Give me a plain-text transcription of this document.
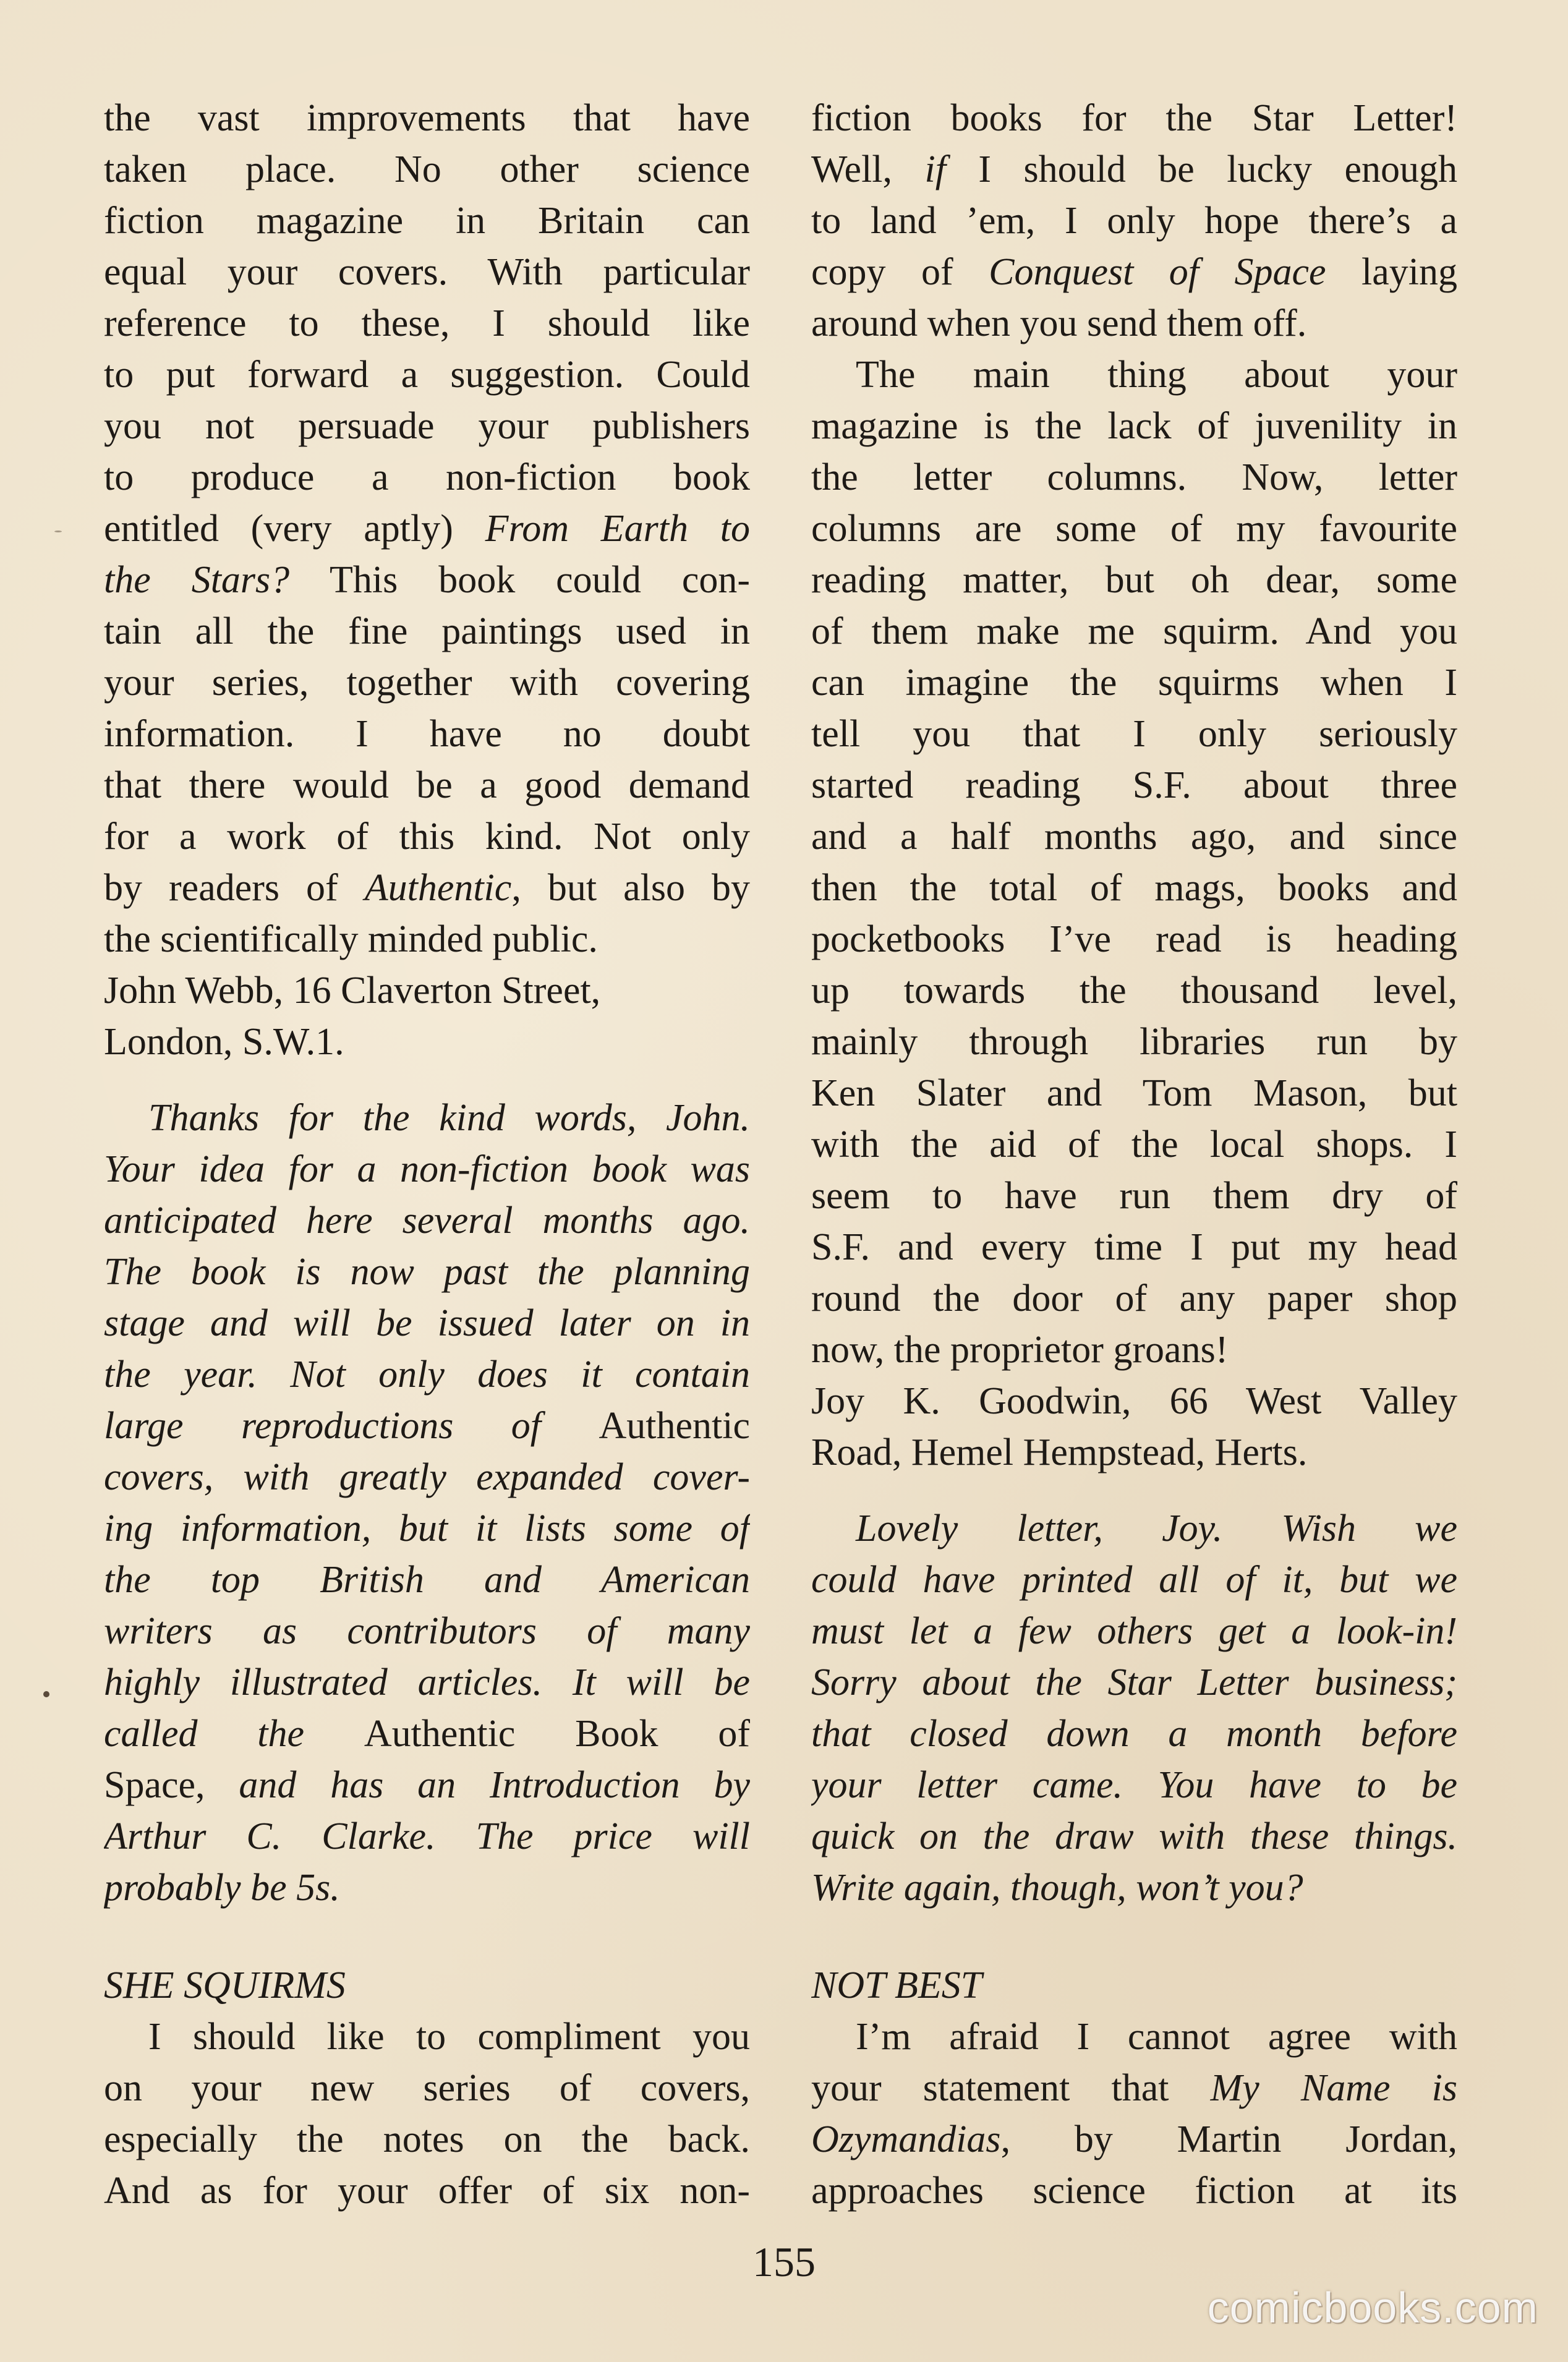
the vast improvements that have
taken place. No other science
fiction magazine in Britain can
equal your covers. With particular
reference to these, I should like
to put forward a suggestion. Could
you not persuade your publishers
to produce a non-fiction book
entitled (very aptly) From Earth to
the Stars? This book could con-
tain all the fine paintings used in
your series, together with covering
information. I have no doubt
that there would be a good demand
for a work of this kind. Not only
by readers of Authentic, but also by
the scientifically minded public.
John Webb, 16 Claverton Street,
London, S.W.1.
Thanks for the kind words, John.
Your idea for a non-fiction book was
anticipated here several months ago.
The book is now past the planning
stage and will be issued later on in
the year. Not only does it contain
large reproductions of Authentic
covers, with greatly expanded cover-
ing information, but it lists some of
the top British and American
writers as contributors of many
highly illustrated articles. It will be
called the Authentic Book of
Space, and has an Introduction by
Arthur C. Clarke. The price will
probably be 5s.
SHE SQUIRMS
I should like to compliment you
on your new series of covers,
especially the notes on the back.
And as for your offer of six non-
fiction books for the Star Letter!
Well, if I should be lucky enough
to land ’em, I only hope there’s a
copy of Conquest of Space laying
around when you send them off.
The main thing about your
magazine is the lack of juvenility in
the letter columns. Now, letter
columns are some of my favourite
reading matter, but oh dear, some
of them make me squirm. And you
can imagine the squirms when I
tell you that I only seriously
started reading S.F. about three
and a half months ago, and since
then the total of mags, books and
pocketbooks I’ve read is heading
up towards the thousand level,
mainly through libraries run by
Ken Slater and Tom Mason, but
with the aid of the local shops. I
seem to have run them dry of
S.F. and every time I put my head
round the door of any paper shop
now, the proprietor groans!
Joy K. Goodwin, 66 West Valley
Road, Hemel Hempstead, Herts.
Lovely letter, Joy. Wish we
could have printed all of it, but we
must let a few others get a look-in!
Sorry about the Star Letter business;
that closed down a month before
your letter came. You have to be
quick on the draw with these things.
Write again, though, won’t you?
NOT BEST
I’m afraid I cannot agree with
your statement that My Name is
Ozymandias, by Martin Jordan,
approaches science fiction at its
155
comicbooks.com
